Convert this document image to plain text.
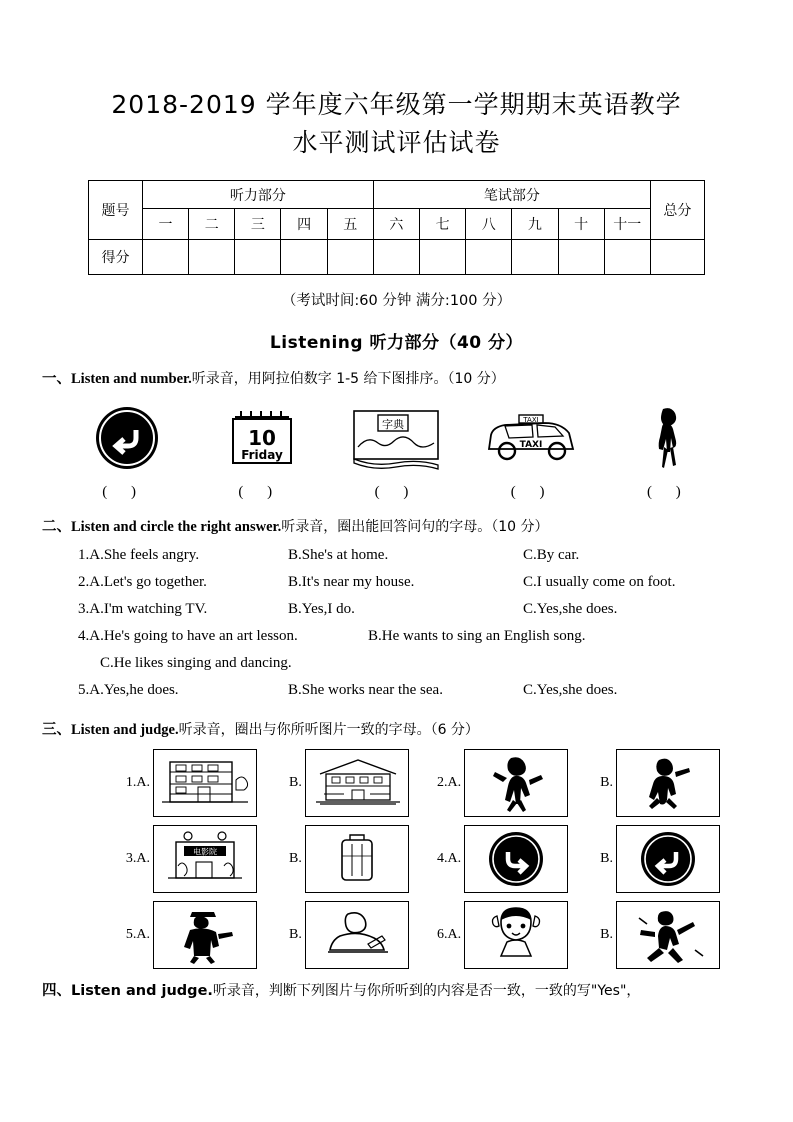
2018-2019 学年度六年级第一学期期末英语教学
水平测试评估试卷
题号	听力部分					笔试部分						总分
	一	二	三	四	五	六	七	八	九	十	十一	
得分												
（考试时间:60 分钟 满分:100 分）
Listening 听力部分（40 分）
一、Listen and number.听录音，用阿拉伯数字 1-5 给下图排序。（10 分）
10
Friday
字典	TAXI
TAXI
( )	( )	( )	( )	( )
二、Listen and circle the right answer.听录音，圈出能回答问句的字母。（10 分）
1.A.She feels angry.	B.She's at home.	C.By car.
2.A.Let's go together.	B.It's near my house.	C.I usually come on foot.
3.A.I'm watching TV.	B.Yes,I do.	C.Yes,she does.
4.A.He's going to have an art lesson.	B.He wants to sing an English song.
C.He likes singing and dancing.
5.A.Yes,he does.	B.She works near the sea.	C.Yes,she does.
三、Listen and judge.听录音，圈出与你所听图片一致的字母。（6 分）
1.A.	B.	2.A.	B.
3.A.	电影院	B.	4.A.	B.
5.A.	B.	6.A.	B.
四、Listen and judge.听录音，判断下列图片与你所听到的内容是否一致，一致的写"Yes"，
